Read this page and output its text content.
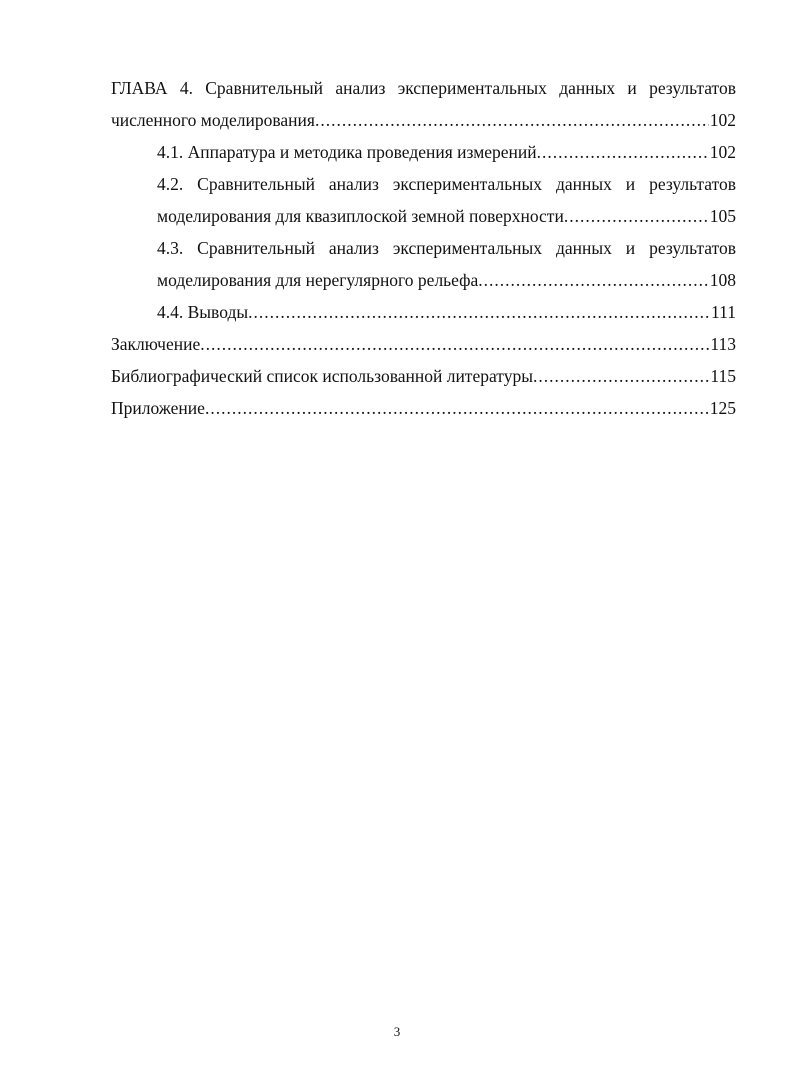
ГЛАВА 4. Сравнительный анализ экспериментальных данных и результатов
численного моделирования .....	102
4.1. Аппаратура и методика проведения измерений .....	102
4.2. Сравнительный анализ экспериментальных данных и результатов
моделирования для квазиплоской земной поверхности .....	105
4.3. Сравнительный анализ экспериментальных данных и результатов
моделирования для нерегулярного рельефа .....	108
4.4. Выводы .....	111
Заключение .....	113
Библиографический список использованной литературы .....	115
Приложение .....	125
3
